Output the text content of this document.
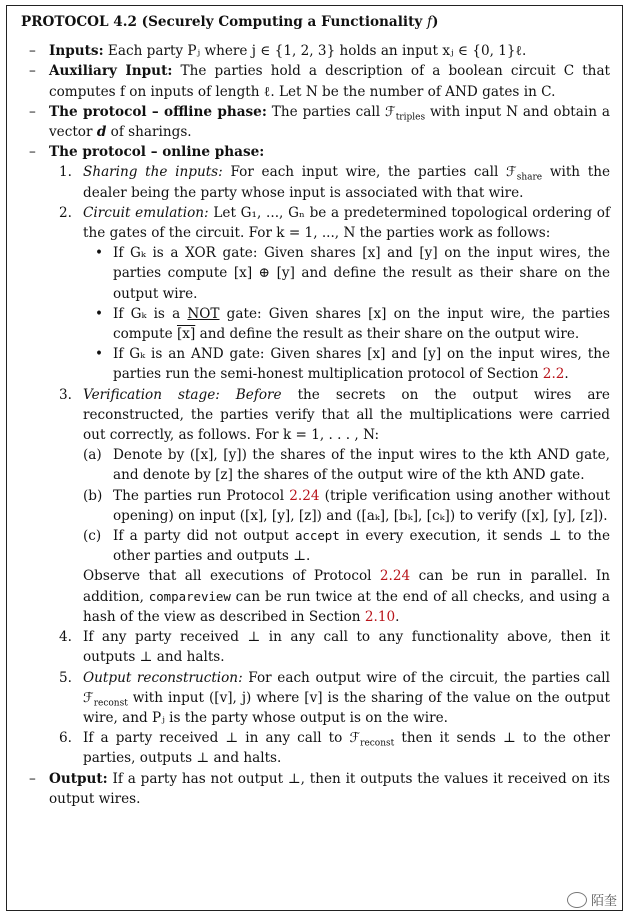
PROTOCOL 4.2 (Securely Computing a Functionality f)
– Inputs: Each party Pⱼ where j ∈ {1, 2, 3} holds an input xⱼ ∈ {0, 1}ℓ.
– Auxiliary Input: The parties hold a description of a boolean circuit C that computes f on inputs of length ℓ. Let N be the number of AND gates in C.
– The protocol – offline phase: The parties call ℱ$_{triples}$ with input N and obtain a vector d of sharings.
– The protocol – online phase:
1. Sharing the inputs: For each input wire, the parties call ℱ$_{share}$ with the dealer being the party whose input is associated with that wire.
2. Circuit emulation: Let G₁, ..., Gₙ be a predetermined topological ordering of the gates of the circuit. For k = 1, ..., N the parties work as follows:
• If Gₖ is a XOR gate: Given shares [x] and [y] on the input wires, the parties compute [x] ⊕ [y] and define the result as their share on the output wire.
• If Gₖ is a NOT gate: Given shares [x] on the input wire, the parties compute [x] and define the result as their share on the output wire.
• If Gₖ is an AND gate: Given shares [x] and [y] on the input wires, the parties run the semi-honest multiplication protocol of Section 2.2.
3. Verification stage: Before the secrets on the output wires are reconstructed, the parties verify that all the multiplications were carried out correctly, as follows. For k = 1, . . . , N:
(a) Denote by ([x], [y]) the shares of the input wires to the kth AND gate, and denote by [z] the shares of the output wire of the kth AND gate.
(b) The parties run Protocol 2.24 (triple verification using another without opening) on input ([x], [y], [z]) and ([aₖ], [bₖ], [cₖ]) to verify ([x], [y], [z]).
(c) If a party did not output accept in every execution, it sends ⊥ to the other parties and outputs ⊥.
Observe that all executions of Protocol 2.24 can be run in parallel. In addition, compareview can be run twice at the end of all checks, and using a hash of the view as described in Section 2.10.
4. If any party received ⊥ in any call to any functionality above, then it outputs ⊥ and halts.
5. Output reconstruction: For each output wire of the circuit, the parties call ℱ$_{reconst}$ with input ([v], j) where [v] is the sharing of the value on the output wire, and Pⱼ is the party whose output is on the wire.
6. If a party received ⊥ in any call to ℱ$_{reconst}$ then it sends ⊥ to the other parties, outputs ⊥ and halts.
– Output: If a party has not output ⊥, then it outputs the values it received on its output wires.
陌奎
